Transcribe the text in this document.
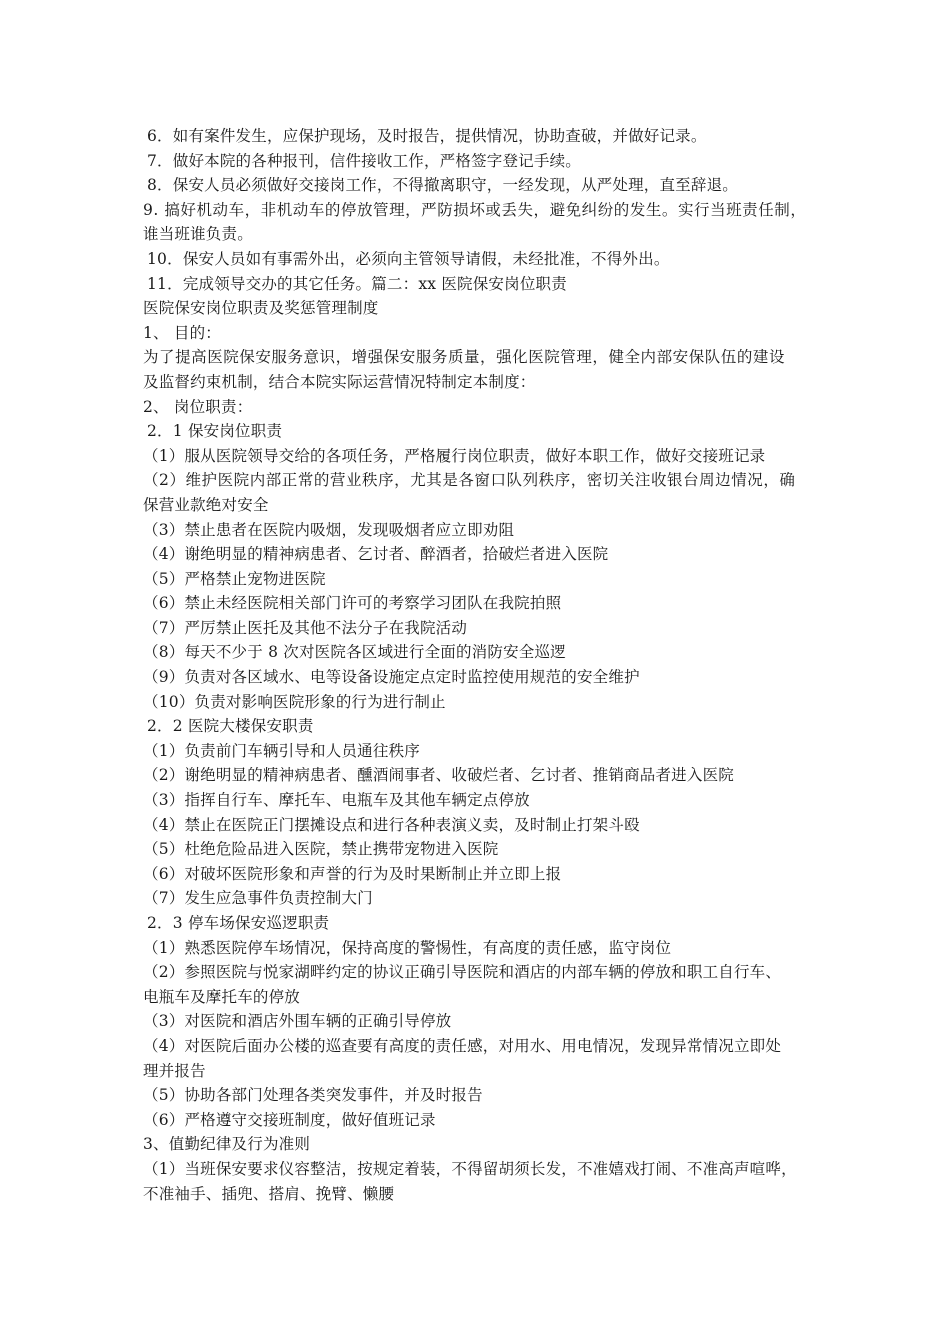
6．如有案件发生，应保护现场，及时报告，提供情况，协助查破，并做好记录。
7．做好本院的各种报刊，信件接收工作，严格签字登记手续。
8．保安人员必须做好交接岗工作，不得撤离职守，一经发现，从严处理，直至辞退。
9. 搞好机动车，非机动车的停放管理，严防损坏或丢失，避免纠纷的发生。实行当班责任制，
谁当班谁负责。
10．保安人员如有事需外出，必须向主管领导请假，未经批准，不得外出。
11．完成领导交办的其它任务。篇二：xx 医院保安岗位职责
医院保安岗位职责及奖惩管理制度
1、 目的：
为了提高医院保安服务意识，增强保安服务质量，强化医院管理，健全内部安保队伍的建设
及监督约束机制，结合本院实际运营情况特制定本制度：
2、 岗位职责：
2．1 保安岗位职责
（1）服从医院领导交给的各项任务，严格履行岗位职责，做好本职工作，做好交接班记录
（2）维护医院内部正常的营业秩序，尤其是各窗口队列秩序，密切关注收银台周边情况，确
保营业款绝对安全
（3）禁止患者在医院内吸烟，发现吸烟者应立即劝阻
（4）谢绝明显的精神病患者、乞讨者、醉酒者，拾破烂者进入医院
（5）严格禁止宠物进医院
（6）禁止未经医院相关部门许可的考察学习团队在我院拍照
（7）严厉禁止医托及其他不法分子在我院活动
（8）每天不少于 8 次对医院各区域进行全面的消防安全巡逻
（9）负责对各区域水、电等设备设施定点定时监控使用规范的安全维护
（10）负责对影响医院形象的行为进行制止
2．2 医院大楼保安职责
（1）负责前门车辆引导和人员通往秩序
（2）谢绝明显的精神病患者、醺酒闹事者、收破烂者、乞讨者、推销商品者进入医院
（3）指挥自行车、摩托车、电瓶车及其他车辆定点停放
（4）禁止在医院正门摆摊设点和进行各种表演义卖，及时制止打架斗殴
（5）杜绝危险品进入医院，禁止携带宠物进入医院
（6）对破坏医院形象和声誉的行为及时果断制止并立即上报
（7）发生应急事件负责控制大门
2．3 停车场保安巡逻职责
（1）熟悉医院停车场情况，保持高度的警惕性，有高度的责任感，监守岗位
（2）参照医院与悦家湖畔约定的协议正确引导医院和酒店的内部车辆的停放和职工自行车、
电瓶车及摩托车的停放
（3）对医院和酒店外围车辆的正确引导停放
（4）对医院后面办公楼的巡查要有高度的责任感，对用水、用电情况，发现异常情况立即处
理并报告
（5）协助各部门处理各类突发事件，并及时报告
（6）严格遵守交接班制度，做好值班记录
3、值勤纪律及行为准则
（1）当班保安要求仪容整洁，按规定着装，不得留胡须长发，不准嬉戏打闹、不准高声喧哗，
不准袖手、插兜、搭肩、挽臂、懒腰
